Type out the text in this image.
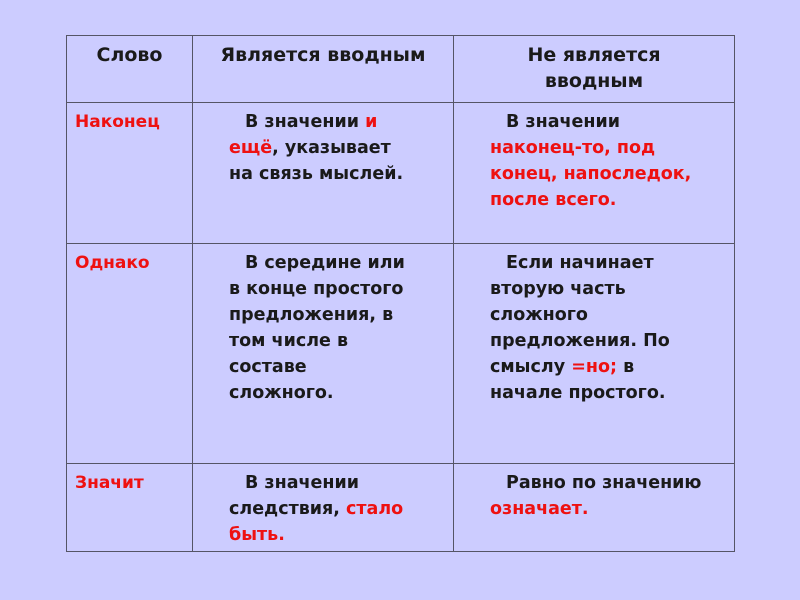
Слово	Является вводным	Не является вводным

Наконец	В значении и ещё, указывает на связь мыслей.	В значении наконец-то, под конец, напоследок, после всего.

Однако	В середине или в конце простого предложения, в том числе в составе сложного.	Если начинает вторую часть сложного предложения. По смыслу =но; в начале простого.

Значит	В значении следствия, стало быть.	Равно по значению означает.
